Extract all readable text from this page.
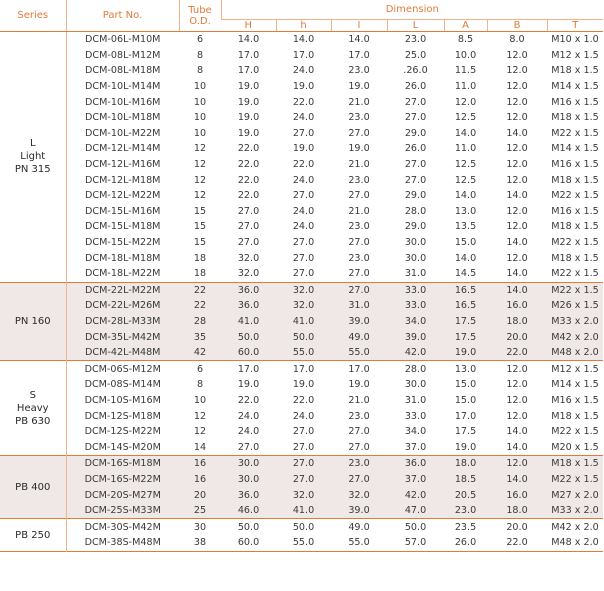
Series	Part No.	Tube
O.D.	Dimension						
			H	h	I	L	A	B	T

L
Light
PN 315	DCM-06L-M10M	6	14.0	14.0	14.0	23.0	8.5	8.0	M10 x 1.0
	DCM-08L-M12M	8	17.0	17.0	17.0	25.0	10.0	12.0	M12 x 1.5
	DCM-08L-M18M	8	17.0	24.0	23.0	.26.0	11.5	12.0	M18 x 1.5
	DCM-10L-M14M	10	19.0	19.0	19.0	26.0	11.0	12.0	M14 x 1.5
	DCM-10L-M16M	10	19.0	22.0	21.0	27.0	12.0	12.0	M16 x 1.5
	DCM-10L-M18M	10	19.0	24.0	23.0	27.0	12.5	12.0	M18 x 1.5
	DCM-10L-M22M	10	19.0	27.0	27.0	29.0	14.0	14.0	M22 x 1.5
	DCM-12L-M14M	12	22.0	19.0	19.0	26.0	11.0	12.0	M14 x 1.5
	DCM-12L-M16M	12	22.0	22.0	21.0	27.0	12.5	12.0	M16 x 1.5
	DCM-12L-M18M	12	22.0	24.0	23.0	27.0	12.5	12.0	M18 x 1.5
	DCM-12L-M22M	12	22.0	27.0	27.0	29.0	14.0	14.0	M22 x 1.5
	DCM-15L-M16M	15	27.0	24.0	21.0	28.0	13.0	12.0	M16 x 1.5
	DCM-15L-M18M	15	27.0	24.0	23.0	29.0	13.5	12.0	M18 x 1.5
	DCM-15L-M22M	15	27.0	27.0	27.0	30.0	15.0	14.0	M22 x 1.5
	DCM-18L-M18M	18	32.0	27.0	23.0	30.0	14.0	12.0	M18 x 1.5
	DCM-18L-M22M	18	32.0	27.0	27.0	31.0	14.5	14.0	M22 x 1.5

PN 160	DCM-22L-M22M	22	36.0	32.0	27.0	33.0	16.5	14.0	M22 x 1.5
	DCM-22L-M26M	22	36.0	32.0	31.0	33.0	16.5	16.0	M26 x 1.5
	DCM-28L-M33M	28	41.0	41.0	39.0	34.0	17.5	18.0	M33 x 2.0
	DCM-35L-M42M	35	50.0	50.0	49.0	39.0	17.5	20.0	M42 x 2.0
	DCM-42L-M48M	42	60.0	55.0	55.0	42.0	19.0	22.0	M48 x 2.0

S
Heavy
PB 630	DCM-06S-M12M	6	17.0	17.0	17.0	28.0	13.0	12.0	M12 x 1.5
	DCM-08S-M14M	8	19.0	19.0	19.0	30.0	15.0	12.0	M14 x 1.5
	DCM-10S-M16M	10	22.0	22.0	21.0	31.0	15.0	12.0	M16 x 1.5
	DCM-12S-M18M	12	24.0	24.0	23.0	33.0	17.0	12.0	M18 x 1.5
	DCM-12S-M22M	12	24.0	27.0	27.0	34.0	17.5	14.0	M22 x 1.5
	DCM-14S-M20M	14	27.0	27.0	27.0	37.0	19.0	14.0	M20 x 1.5

PB 400	DCM-16S-M18M	16	30.0	27.0	23.0	36.0	18.0	12.0	M18 x 1.5
	DCM-16S-M22M	16	30.0	27.0	27.0	37.0	18.5	14.0	M22 x 1.5
	DCM-20S-M27M	20	36.0	32.0	32.0	42.0	20.5	16.0	M27 x 2.0
	DCM-25S-M33M	25	46.0	41.0	39.0	47.0	23.0	18.0	M33 x 2.0

PB 250	DCM-30S-M42M	30	50.0	50.0	49.0	50.0	23.5	20.0	M42 x 2.0
	DCM-38S-M48M	38	60.0	55.0	55.0	57.0	26.0	22.0	M48 x 2.0
